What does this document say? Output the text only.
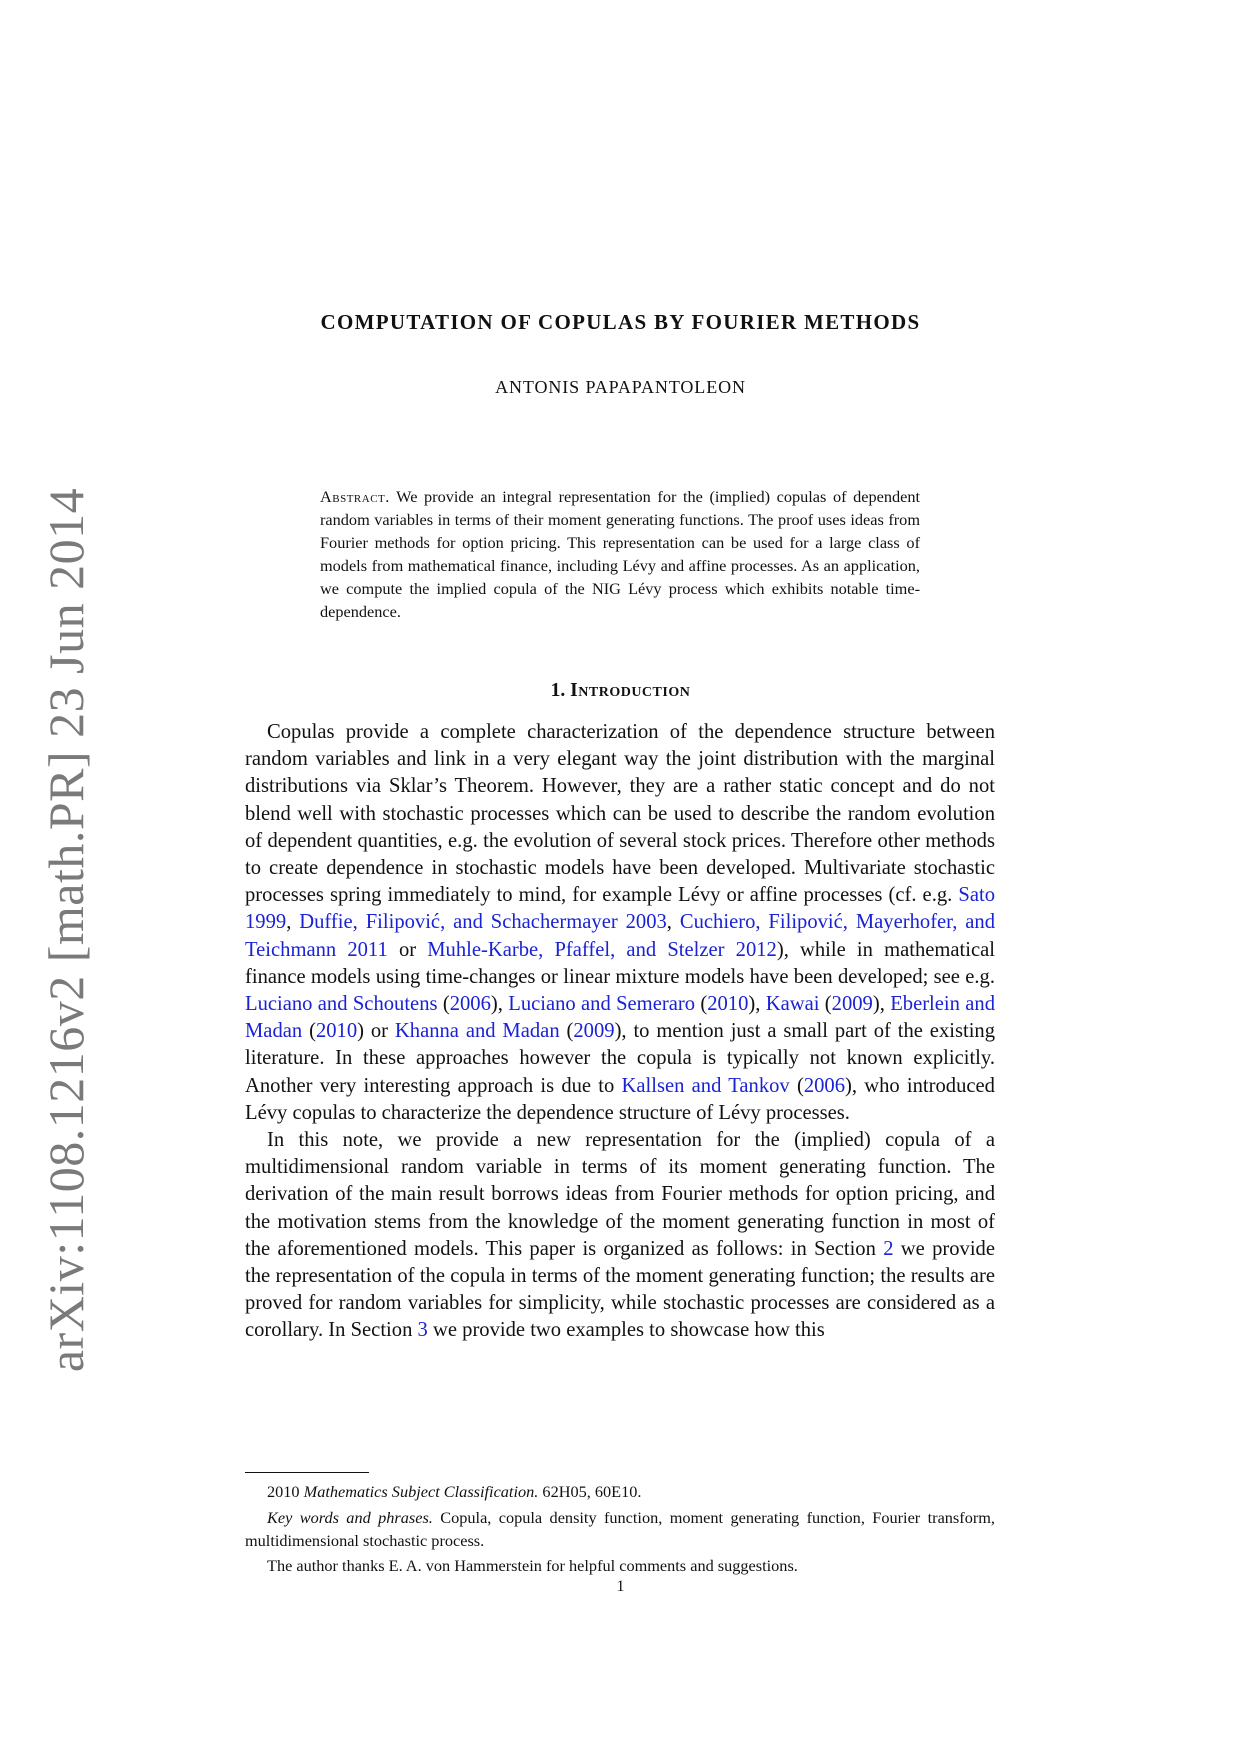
arXiv:1108.1216v2 [math.PR] 23 Jun 2014
COMPUTATION OF COPULAS BY FOURIER METHODS
ANTONIS PAPAPANTOLEON

Abstract. We provide an integral representation for the (implied) copulas of dependent random variables in terms of their moment generating functions. The proof uses ideas from Fourier methods for option pricing. This representation can be used for a large class of models from mathematical finance, including Lévy and affine processes. As an application, we compute the implied copula of the NIG Lévy process which exhibits notable time-dependence.

1. Introduction

Copulas provide a complete characterization of the dependence structure between random variables and link in a very elegant way the joint distribution with the marginal distributions via Sklar’s Theorem. However, they are a rather static concept and do not blend well with stochastic processes which can be used to describe the random evolution of dependent quantities, e.g. the evolution of several stock prices. Therefore other methods to create dependence in stochastic models have been developed. Multivariate stochastic processes spring immediately to mind, for example Lévy or affine processes (cf. e.g. Sato 1999, Duffie, Filipović, and Schachermayer 2003, Cuchiero, Filipović, Mayerhofer, and Teichmann 2011 or Muhle-Karbe, Pfaffel, and Stelzer 2012), while in mathematical finance models using time-changes or linear mixture models have been developed; see e.g. Luciano and Schoutens (2006), Luciano and Semeraro (2010), Kawai (2009), Eberlein and Madan (2010) or Khanna and Madan (2009), to mention just a small part of the existing literature. In these approaches however the copula is typically not known explicitly. Another very interesting approach is due to Kallsen and Tankov (2006), who introduced Lévy copulas to characterize the dependence structure of Lévy processes.

In this note, we provide a new representation for the (implied) copula of a multidimensional random variable in terms of its moment generating function. The derivation of the main result borrows ideas from Fourier methods for option pricing, and the motivation stems from the knowledge of the moment generating function in most of the aforementioned models. This paper is organized as follows: in Section 2 we provide the representation of the copula in terms of the moment generating function; the results are proved for random variables for simplicity, while stochastic processes are considered as a corollary. In Section 3 we provide two examples to showcase how this

2010 Mathematics Subject Classification. 62H05, 60E10.

Key words and phrases. Copula, copula density function, moment generating function, Fourier transform, multidimensional stochastic process.

The author thanks E. A. von Hammerstein for helpful comments and suggestions.

1
